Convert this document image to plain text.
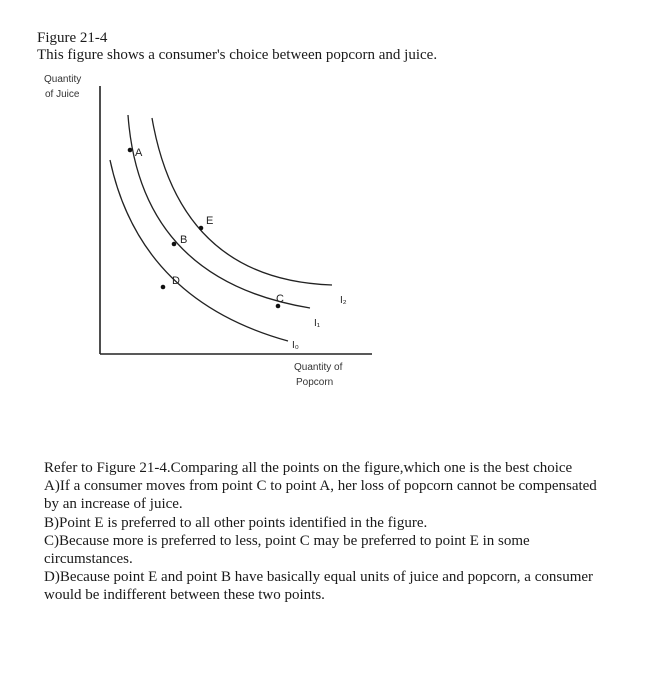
Figure 21-4

This figure shows a consumer's choice between popcorn and juice.

Quantity
of Juice
Quantity of
Popcorn
I₀
I₁
I₂
A
B
C
D
E

Refer to Figure 21-4.Comparing all the points on the figure,which one is the best choice

A)If a consumer moves from point C to point A, her loss of popcorn cannot be compensated by an increase of juice.

B)Point E is preferred to all other points identified in the figure.

C)Because more is preferred to less, point C may be preferred to point E in some circumstances.

D)Because point E and point B have basically equal units of juice and popcorn, a consumer would be indifferent between these two points.
